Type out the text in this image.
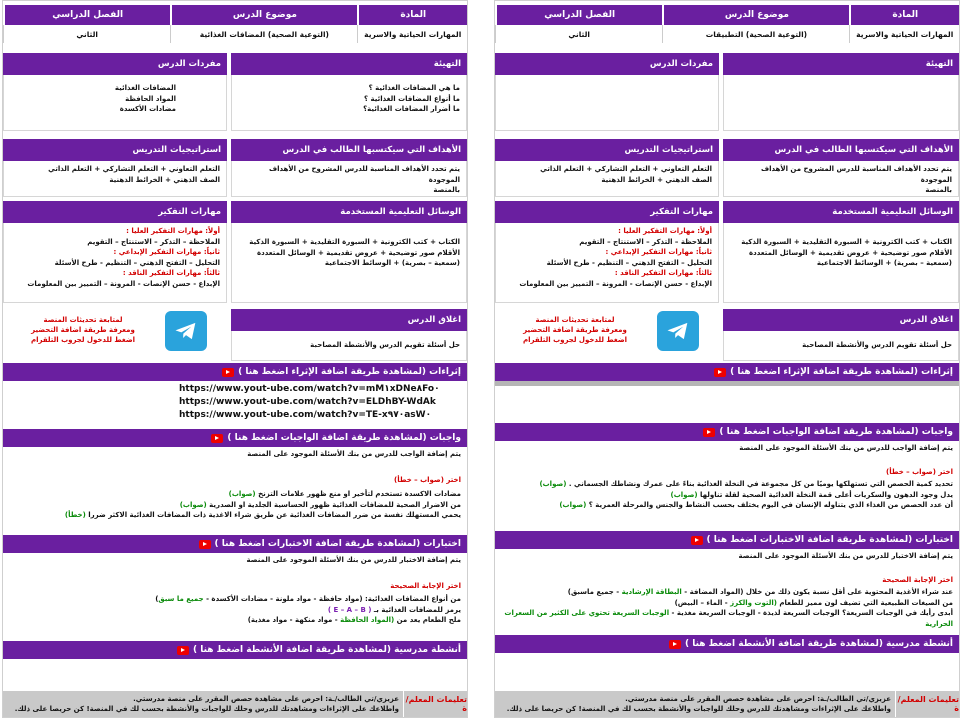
المادة
موضوع الدرس
الفصل الدراسي
المهارات الحياتية والاسرية
(التوعية الصحية) التطبيقات
الثاني
التهيئة
مفردات الدرس
الأهداف التي سيكتسبها الطالب في الدرس
يتم تحدد الأهداف المناسبة للدرس المشروح من الأهداف الموجودة
بالمنصة
استراتيجيات التدريس
التعلم التعاوني + التعلم التشاركي + التعلم الذاتي
الصف الذهني + الخرائط الذهنية
الوسائل التعليمية المستخدمة
الكتاب + كتب الكترونية + السبورة التقليدية + السبورة الذكية
الأقلام صور توضيحية + عروض تقديمية + الوسائل المتعددة
(سمعية – بصرية) + الوسائط الاجتماعية
مهارات التفكير
أولاً: مهارات التفكير العليا :
الملاحظة – التذكر – الاستنتاج – التقويم
ثانياً: مهارات التفكير الإبداعي :
التحليل – التفتح الذهني – التنظيم - طرح الأسئلة
ثالثاً: مهارات التفكير الناقد :
الإبداع - حسن الإنصات - المرونة – التمييز بين المعلومات
اغلاق الدرس
حل أسئلة تقويم الدرس والأنشطة المصاحبة
لمتابعة تحديثات المنصة
ومعرفة طريقة اضافة التحضير
اضغط للدخول لجروب التلقرام
إثراءات (لمشاهدة طريقة اضافة الإثراء اضغط هنا )
واجبات (لمشاهدة طريقة اضافة الواجبات اضغط هنا )
يتم إضافة الواجب للدرس من بنك الأسئلة الموجود على المنصة
اختر (صواب – خطأ)
تحديد كمية الحصص التي تستهلكها يوميًا من كل مجموعة في النخلة الغذائية بناءً على عمرك ونشاطك الجسماني . (صواب)
يدل وجود الدهون والسكريات أعلى قمة النخلة الغذائية الصحية لقلة تناولها (صواب)
أن عدد الحصص من الغذاء الذي يتناوله الإنسان في اليوم يختلف بحسب النشاط والجنس والمرحلة العمرية ؟ (صواب)
اختبارات (لمشاهدة طريقة اضافة الاختبارات اضغط هنا )
يتم إضافة الاختبار للدرس من بنك الأسئلة الموجود على المنصة
اختر الإجابة الصحيحة
عند شراء الأغذية المحتوية على أقل نسبة يكون ذلك من خلال (المواد المضافة - البطاقة الإرشادية - جميع ماسبق)
من الصيغات الطبيعية التي تضيف لون مميز للطعام (التوت والكرز - الماء – البيض)
أبدى رأيك في الوجبات السريعة؟ الوجبات السريعة لذيذة - الوجبات السريعة مغذية - الوجبات السريعة تحتوي على الكثير من السعرات الحرارية
أنشطة مدرسية (لمشاهدة طريقة اضافة الأنشطة اضغط هنا )
تعليمات المعلم/ة
عزيزي/تي الطالب/ـة: احرص على مشاهدة حصص المقرر على منصة مدرستي.
واطلاعك على الإثراءات ومشاهدتك للدرس وحلك للواجبات والأنشطة بحسب لك في المنصة! كن حريصا على ذلك.
المادة
موضوع الدرس
الفصل الدراسي
المهارات الحياتية والاسرية
(التوعية الصحية) المضافات الغذائية
الثاني
التهيئة
ما هي المضافات الغذائية ؟
ما أنواع المضافات الغذائية ؟
ما أضرار المضافات الغذائية؟
مفردات الدرس
المضافات الغذائية
المواد الحافظة
مضادات الأكسدة
الأهداف التي سيكتسبها الطالب في الدرس
يتم تحدد الأهداف المناسبة للدرس المشروح من الأهداف الموجودة
بالمنصة
استراتيجيات التدريس
التعلم التعاوني + التعلم التشاركي + التعلم الذاتي
الصف الذهني + الخرائط الذهنية
الوسائل التعليمية المستخدمة
الكتاب + كتب الكترونية + السبورة التقليدية + السبورة الذكية
الأقلام صور توضيحية + عروض تقديمية + الوسائل المتعددة
(سمعية – بصرية) + الوسائط الاجتماعية
مهارات التفكير
أولاً: مهارات التفكير العليا :
الملاحظة – التذكر – الاستنتاج – التقويم
ثانياً: مهارات التفكير الإبداعي :
التحليل – التفتح الذهني – التنظيم - طرح الأسئلة
ثالثاً: مهارات التفكير الناقد :
الإبداع - حسن الإنصات - المرونة – التمييز بين المعلومات
اغلاق الدرس
حل أسئلة تقويم الدرس والأنشطة المصاحبة
لمتابعة تحديثات المنصة
ومعرفة طريقة اضافة التحضير
اضغط للدخول لجروب التلقرام
إثراءات (لمشاهدة طريقة اضافة الإثراء اضغط هنا )
https://www.yout-ube.com/watch?v=mM١xDNe٨Fo٠
https://www.yout-ube.com/watch?v=ELDhBY-WdAk
https://www.yout-ube.com/watch?v=TE-x٩٧٠asW٠
واجبات (لمشاهدة طريقة اضافة الواجبات اضغط هنا )
يتم إضافة الواجب للدرس من بنك الأسئلة الموجود على المنصة
اختر (صواب – خطأ)
مضادات الاكسدة تستخدم لتأخير او منع ظهور علامات التزنخ (صواب)
من الاضرار الصحية للمضافات الغذائية ظهور الحساسية الجلدية او الصدرية (صواب)
يحمي المستهلك نفسة من ضرر المضافات الغذائية عن طريق شراء الاغذية ذات المضافات الغذائية الاكثر ضررا (خطأ)
اختبارات (لمشاهدة طريقة اضافة الاختبارات اضغط هنا )
يتم إضافة الاختبار للدرس من بنك الأسئلة الموجود على المنصة
اختر الإجابة الصحيحة
من أنواع المضافات الغذائية: (مواد حافظة - مواد ملونة - مضادات الأكسدة - جميع ما سبق)
يرمز للمضافات الغذائية بـ ( E – A – B )
ملح الطعام يعد من (المواد الحافظة - مواد منكهة - مواد مغذية)
أنشطة مدرسية (لمشاهدة طريقة اضافة الأنشطة اضغط هنا )
تعليمات المعلم/ة
عزيزي/تي الطالب/ـة: احرص على مشاهدة حصص المقرر على منصة مدرستي.
واطلاعك على الإثراءات ومشاهدتك للدرس وحلك للواجبات والأنشطة بحسب لك في المنصة! كن حريصا على ذلك.
